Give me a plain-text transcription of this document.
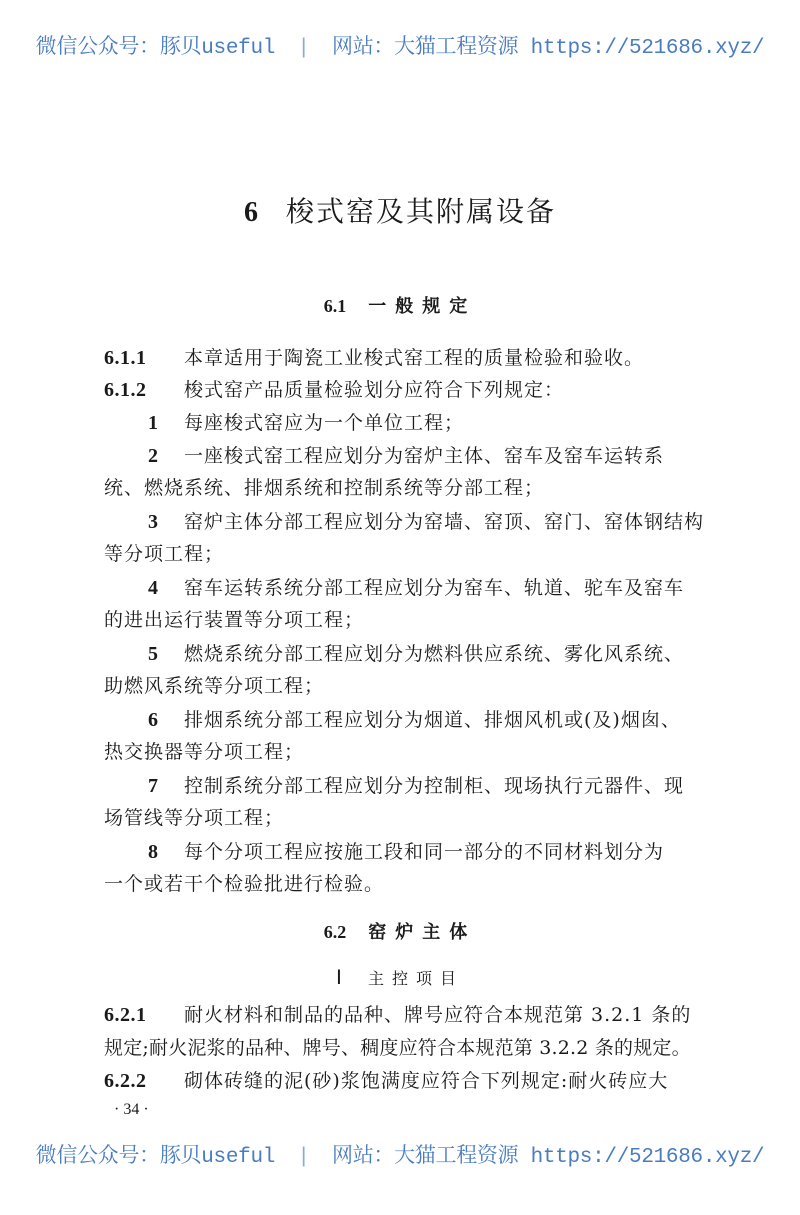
微信公众号：豚贝useful | 网站：大猫工程资源 https://521686.xyz/
6 梭式窑及其附属设备
6.1 一般规定
6.1.1 本章适用于陶瓷工业梭式窑工程的质量检验和验收。
6.1.2 梭式窑产品质量检验划分应符合下列规定：
1 每座梭式窑应为一个单位工程；
2 一座梭式窑工程应划分为窑炉主体、窑车及窑车运转系
统、燃烧系统、排烟系统和控制系统等分部工程；
3 窑炉主体分部工程应划分为窑墙、窑顶、窑门、窑体钢结构
等分项工程；
4 窑车运转系统分部工程应划分为窑车、轨道、驼车及窑车
的进出运行装置等分项工程；
5 燃烧系统分部工程应划分为燃料供应系统、雾化风系统、
助燃风系统等分项工程；
6 排烟系统分部工程应划分为烟道、排烟风机或(及)烟囱、
热交换器等分项工程；
7 控制系统分部工程应划分为控制柜、现场执行元器件、现
场管线等分项工程；
8 每个分项工程应按施工段和同一部分的不同材料划分为
一个或若干个检验批进行检验。
6.2 窑炉主体
Ⅰ 主控项目
6.2.1 耐火材料和制品的品种、牌号应符合本规范第 3.2.1 条的
规定;耐火泥浆的品种、牌号、稠度应符合本规范第 3.2.2 条的规定。
6.2.2 砌体砖缝的泥(砂)浆饱满度应符合下列规定:耐火砖应大
· 34 ·
微信公众号：豚贝useful | 网站：大猫工程资源 https://521686.xyz/
